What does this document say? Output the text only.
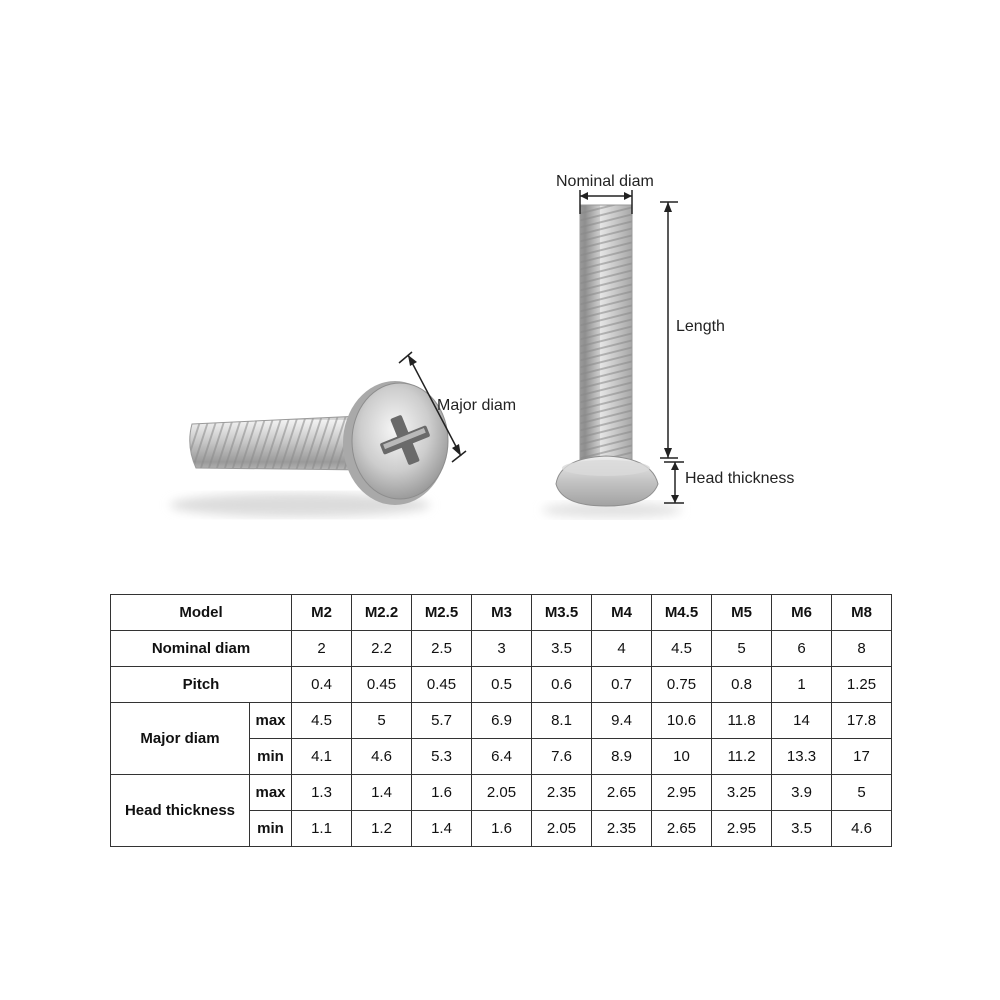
Nominal diam
Length
Major diam
Head thickness
Model		M2	M2.2	M2.5	M3	M3.5	M4	M4.5	M5	M6	M8
Nominal diam		2	2.2	2.5	3	3.5	4	4.5	5	6	8
Pitch		0.4	0.45	0.45	0.5	0.6	0.7	0.75	0.8	1	1.25
Major diam	max	4.5	5	5.7	6.9	8.1	9.4	10.6	11.8	14	17.8
	min	4.1	4.6	5.3	6.4	7.6	8.9	10	11.2	13.3	17
Head thickness	max	1.3	1.4	1.6	2.05	2.35	2.65	2.95	3.25	3.9	5
	min	1.1	1.2	1.4	1.6	2.05	2.35	2.65	2.95	3.5	4.6
